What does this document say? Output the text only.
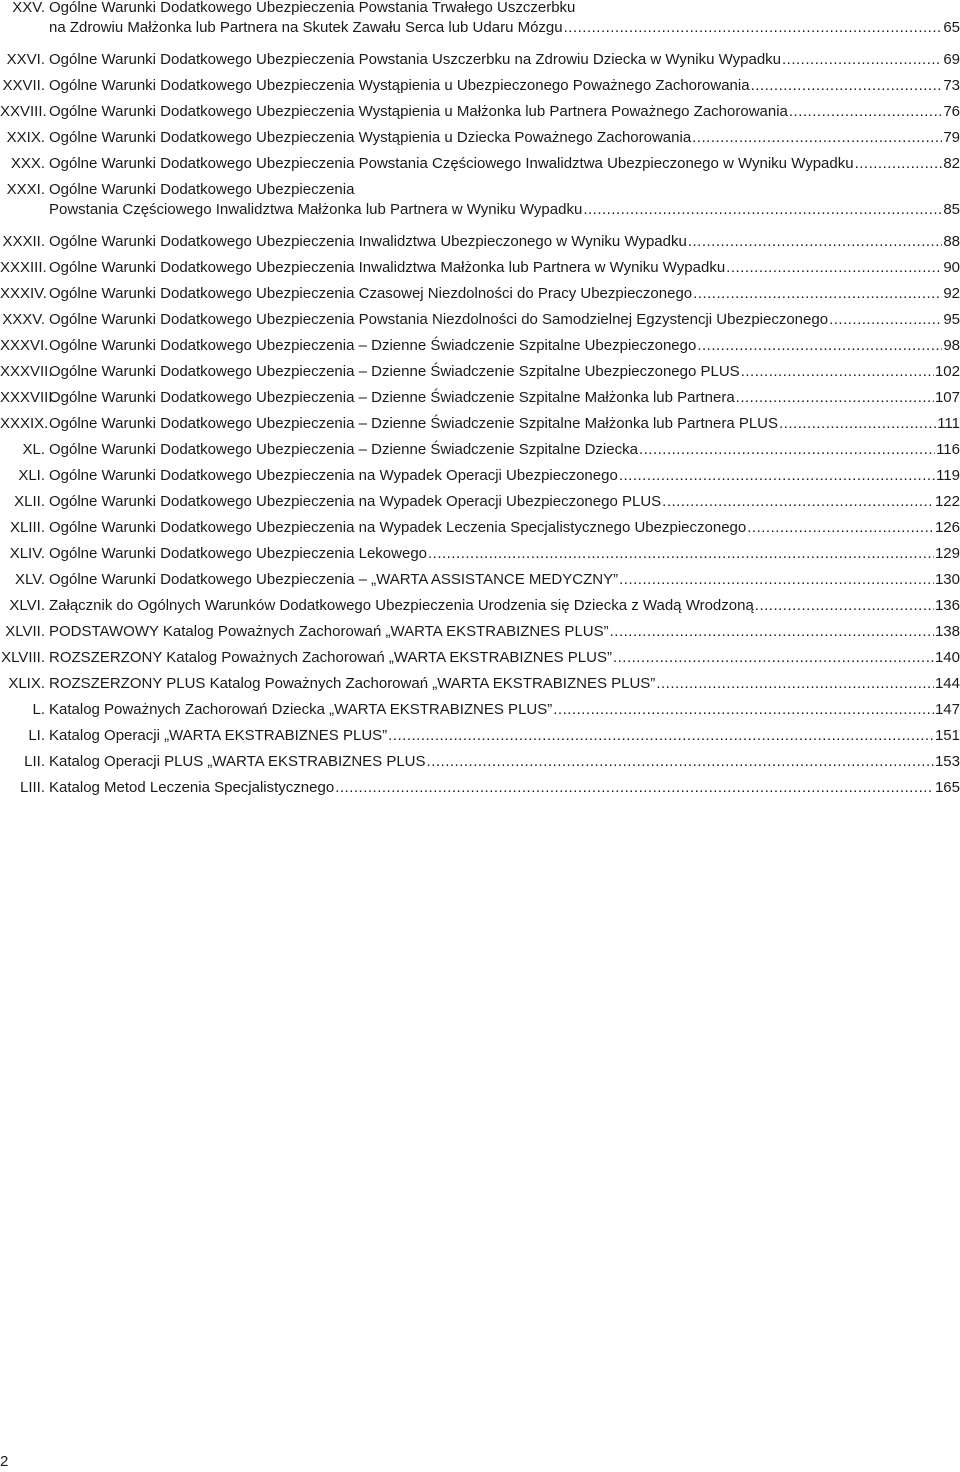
XXV. Ogólne Warunki Dodatkowego Ubezpieczenia Powstania Trwałego Uszczerbku
na Zdrowiu Małżonka lub Partnera na Skutek Zawału Serca lub Udaru Mózgu .....	65
XXVI. Ogólne Warunki Dodatkowego Ubezpieczenia Powstania Uszczerbku na Zdrowiu Dziecka w Wyniku Wypadku .....	69
XXVII. Ogólne Warunki Dodatkowego Ubezpieczenia Wystąpienia u Ubezpieczonego Poważnego Zachorowania .....	73
XXVIII. Ogólne Warunki Dodatkowego Ubezpieczenia Wystąpienia u Małżonka lub Partnera Poważnego Zachorowania .....	76
XXIX. Ogólne Warunki Dodatkowego Ubezpieczenia Wystąpienia u Dziecka Poważnego Zachorowania .....	79
XXX. Ogólne Warunki Dodatkowego Ubezpieczenia Powstania Częściowego Inwalidztwa Ubezpieczonego w Wyniku Wypadku .....	82
XXXI. Ogólne Warunki Dodatkowego Ubezpieczenia
Powstania Częściowego Inwalidztwa Małżonka lub Partnera w Wyniku Wypadku .....	85
XXXII. Ogólne Warunki Dodatkowego Ubezpieczenia Inwalidztwa Ubezpieczonego w Wyniku Wypadku .....	88
XXXIII. Ogólne Warunki Dodatkowego Ubezpieczenia Inwalidztwa Małżonka lub Partnera w Wyniku Wypadku .....	90
XXXIV. Ogólne Warunki Dodatkowego Ubezpieczenia Czasowej Niezdolności do Pracy Ubezpieczonego .....	92
XXXV. Ogólne Warunki Dodatkowego Ubezpieczenia Powstania Niezdolności do Samodzielnej Egzystencji Ubezpieczonego .....	95
XXXVI. Ogólne Warunki Dodatkowego Ubezpieczenia – Dzienne Świadczenie Szpitalne Ubezpieczonego .....	98
XXXVII.
Ogólne Warunki Dodatkowego Ubezpieczenia – Dzienne Świadczenie Szpitalne Ubezpieczonego PLUS .....	102
XXXVIII.
Ogólne Warunki Dodatkowego Ubezpieczenia – Dzienne Świadczenie Szpitalne Małżonka lub Partnera .....	107
XXXIX. Ogólne Warunki Dodatkowego Ubezpieczenia – Dzienne Świadczenie Szpitalne Małżonka lub Partnera PLUS .....	111
XL. Ogólne Warunki Dodatkowego Ubezpieczenia – Dzienne Świadczenie Szpitalne Dziecka .....	116
XLI. Ogólne Warunki Dodatkowego Ubezpieczenia na Wypadek Operacji Ubezpieczonego .....	119
XLII. Ogólne Warunki Dodatkowego Ubezpieczenia na Wypadek Operacji Ubezpieczonego PLUS .....	122
XLIII. Ogólne Warunki Dodatkowego Ubezpieczenia na Wypadek Leczenia Specjalistycznego Ubezpieczonego .....	126
XLIV. Ogólne Warunki Dodatkowego Ubezpieczenia Lekowego .....	129
XLV. Ogólne Warunki Dodatkowego Ubezpieczenia – „WARTA ASSISTANCE MEDYCZNY” .....	130
XLVI. Załącznik do Ogólnych Warunków Dodatkowego Ubezpieczenia Urodzenia się Dziecka z Wadą Wrodzoną .....	136
XLVII. PODSTAWOWY Katalog Poważnych Zachorowań „WARTA EKSTRABIZNES PLUS” .....	138
XLVIII. ROZSZERZONY Katalog Poważnych Zachorowań „WARTA EKSTRABIZNES PLUS” .....	140
XLIX. ROZSZERZONY PLUS Katalog Poważnych Zachorowań „WARTA EKSTRABIZNES PLUS” .....	144
L. Katalog Poważnych Zachorowań Dziecka „WARTA EKSTRABIZNES PLUS” .....	147
LI. Katalog Operacji „WARTA EKSTRABIZNES PLUS” .....	151
LII. Katalog Operacji PLUS „WARTA EKSTRABIZNES PLUS .....	153
LIII. Katalog Metod Leczenia Specjalistycznego .....	165
2
